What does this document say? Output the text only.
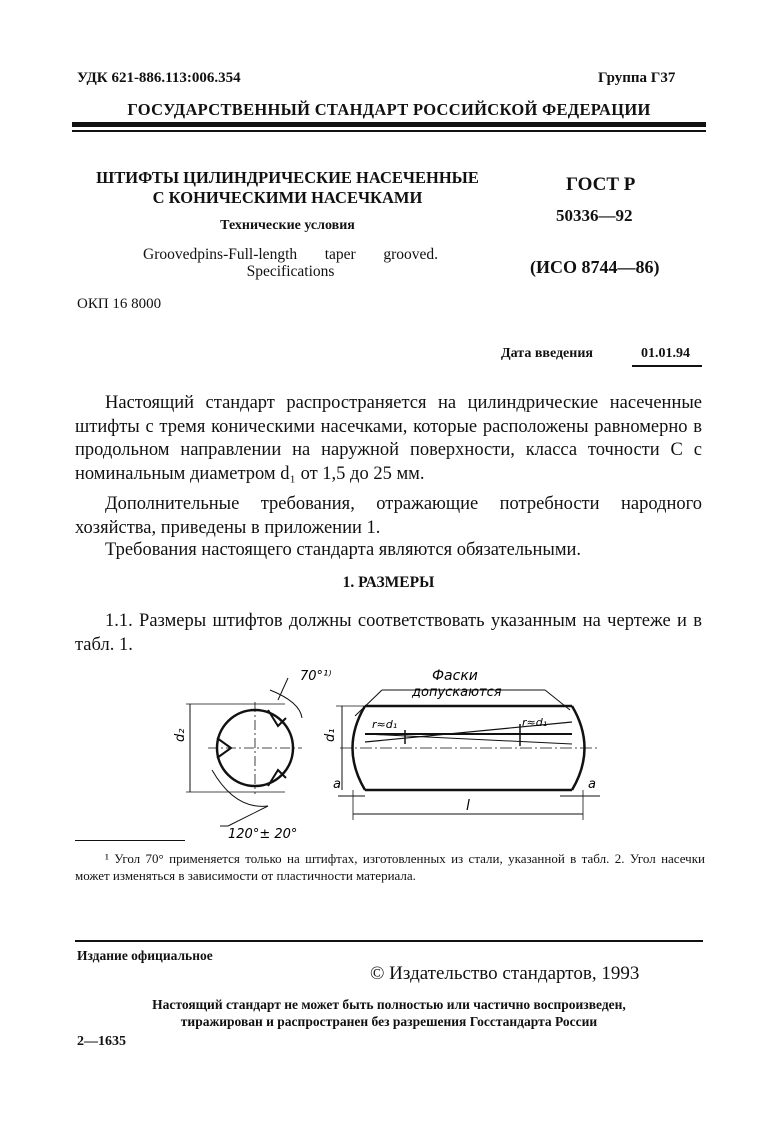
УДК 621-886.113:006.354	Группа Г37
ГОСУДАРСТВЕННЫЙ СТАНДАРТ РОССИЙСКОЙ ФЕДЕРАЦИИ
ШТИФТЫ ЦИЛИНДРИЧЕСКИЕ НАСЕЧЕННЫЕ
С КОНИЧЕСКИМИ НАСЕЧКАМИ
Технические условия
Groovedpins-Full-length taper grooved.
Specifications
ОКП 16 8000
ГОСТ Р
50336—92
(ИСО 8744—86)
Дата введения	01.01.94
Настоящий стандарт распространяется на цилиндрические насеченные штифты с тремя коническими насечками, которые расположены равномерно в продольном направлении на наружной поверхности, класса точности С с номинальным диаметром d₁ от 1,5 до 25 мм.
Дополнительные требования, отражающие потребности народного хозяйства, приведены в приложении 1.
Требования настоящего стандарта являются обязательными.
1. РАЗМЕРЫ
1.1. Размеры штифтов должны соответствовать указанным на чертеже и в табл. 1.
70°¹⁾
120°± 20°
d₂	d₁
Фаски
допускаются
r≈d₁	r≈d₁
a	a
l
¹ Угол 70° применяется только на штифтах, изготовленных из стали, указанной в табл. 2. Угол насечки может изменяться в зависимости от пластичности материала.
Издание официальное
© Издательство стандартов, 1993
Настоящий стандарт не может быть полностью или частично воспроизведен,
тиражирован и распространен без разрешения Госстандарта России
2—1635
